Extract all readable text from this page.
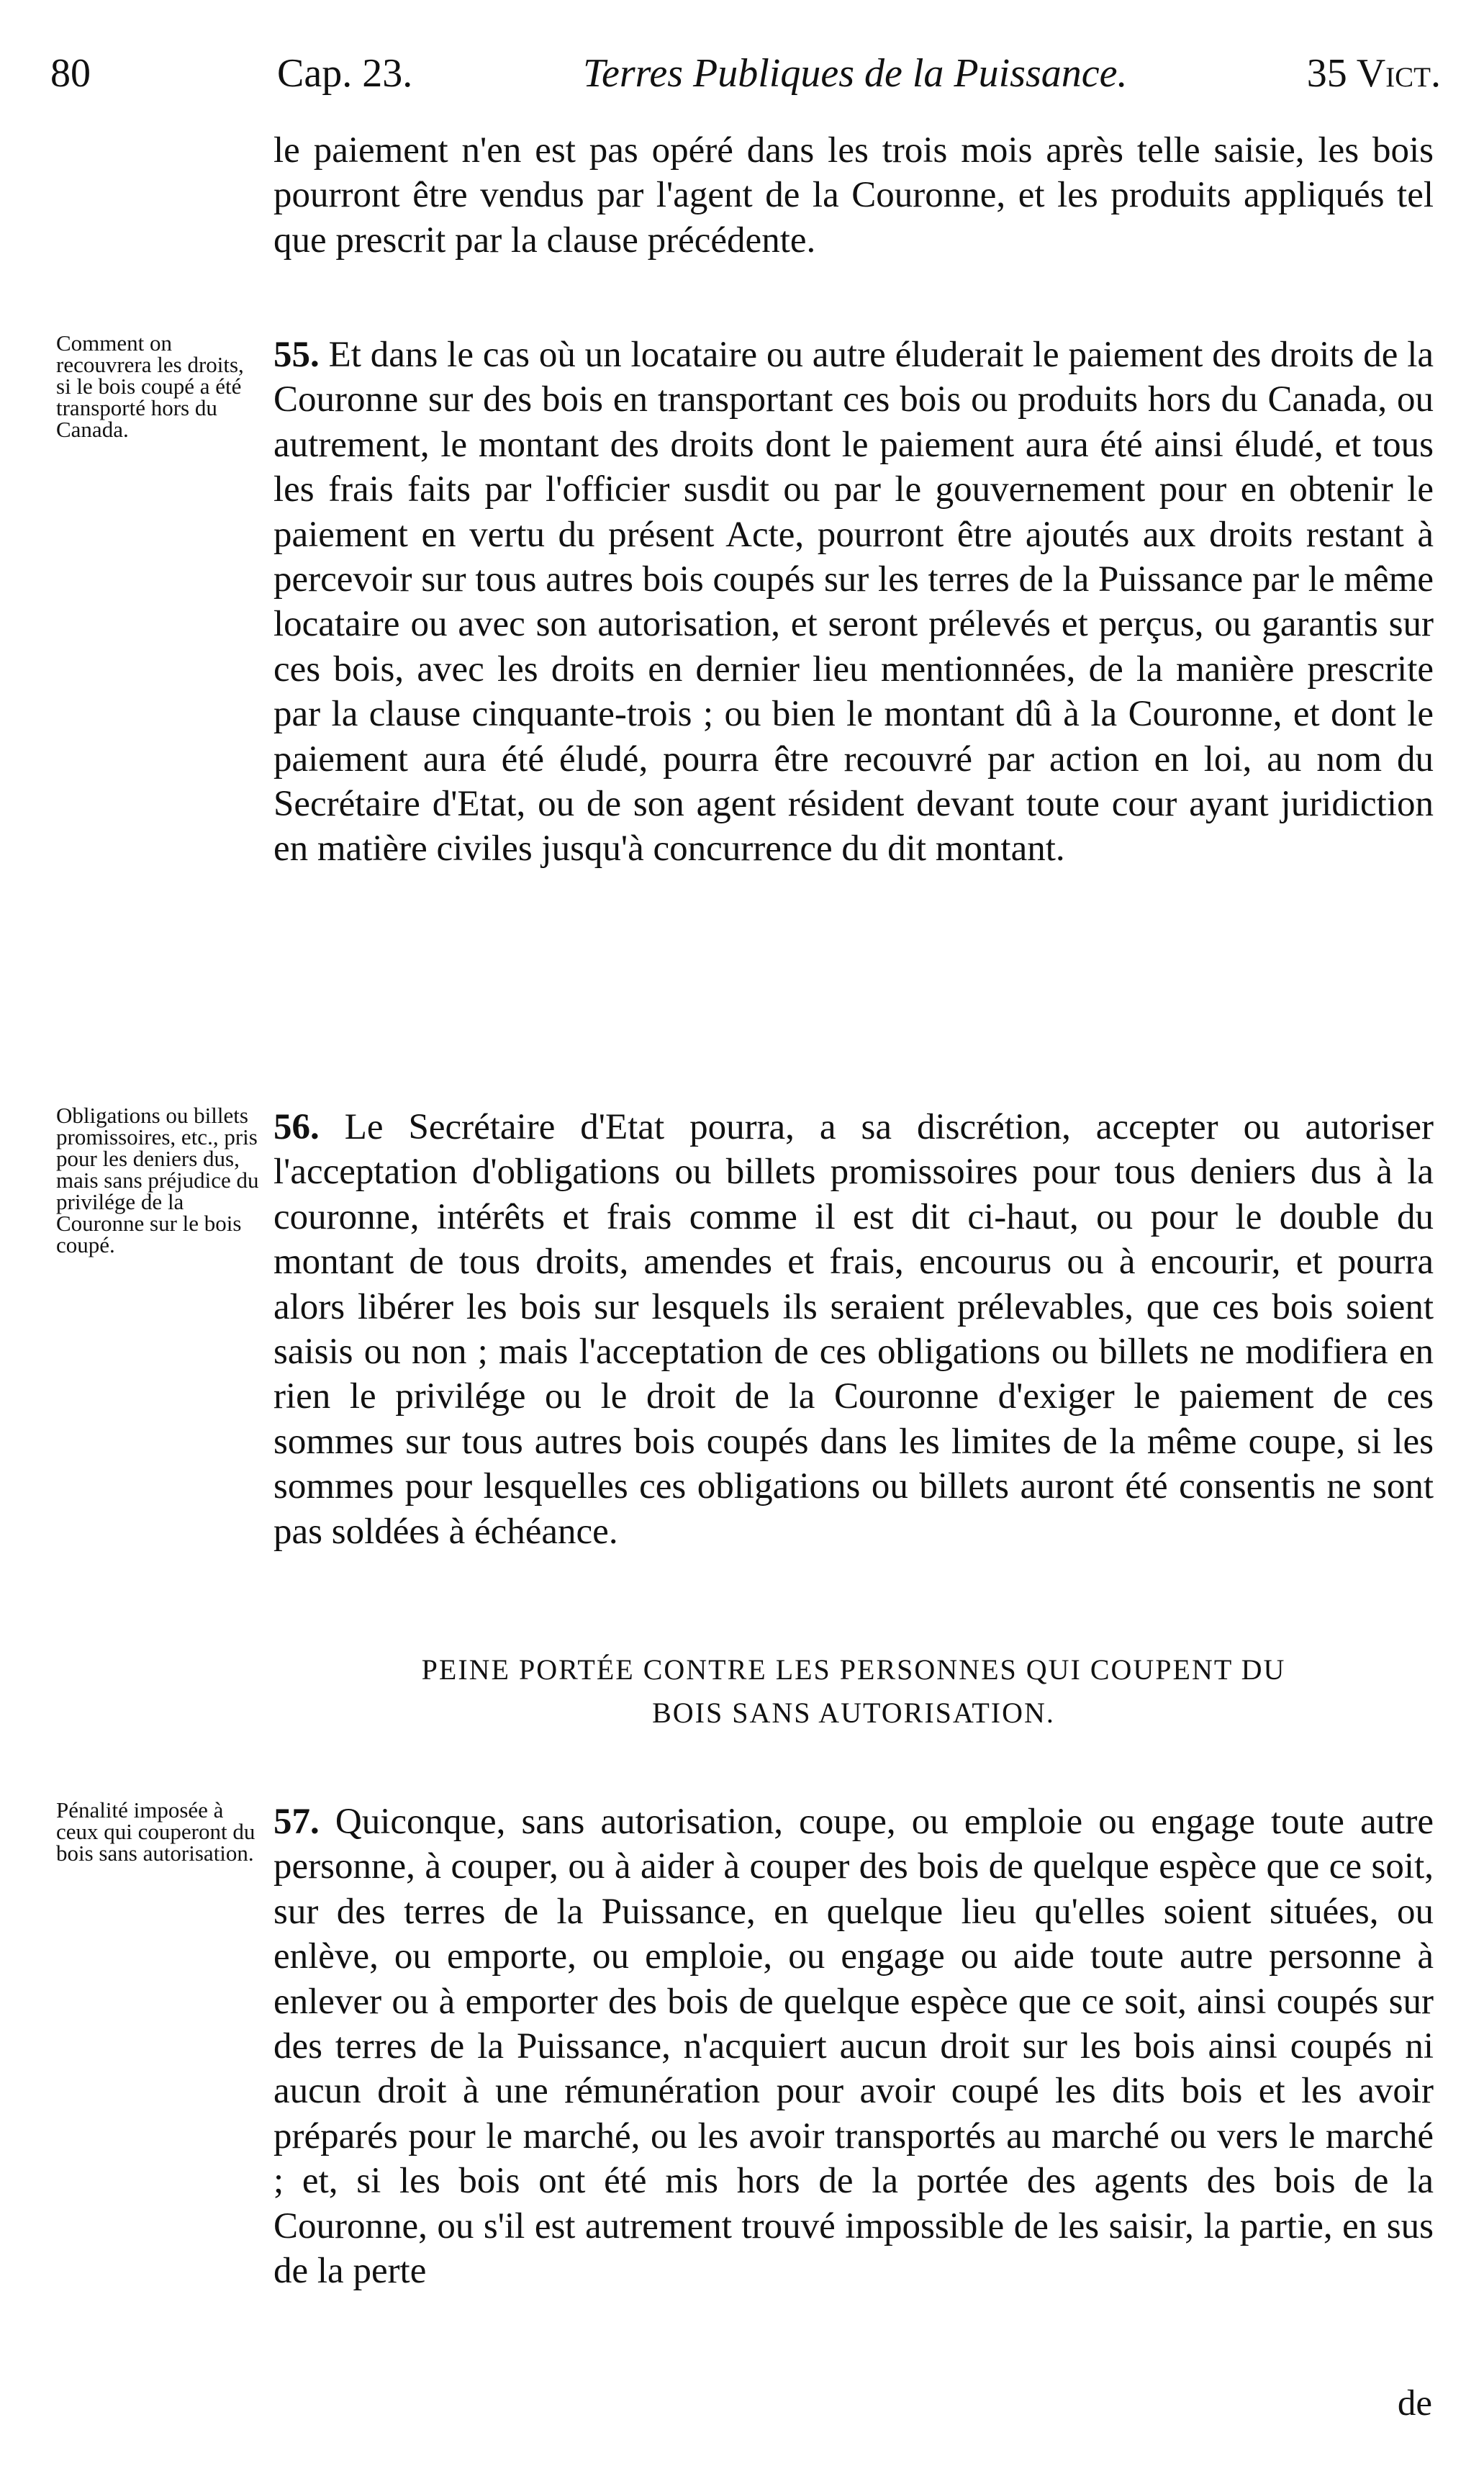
80	Cap. 23.	Terres Publiques de la Puissance.	35 Vict.

le paiement n'en est pas opéré dans les trois mois après telle saisie, les bois pourront être vendus par l'agent de la Couronne, et les produits appliqués tel que prescrit par la clause précédente.

Comment on recouvrera les droits, si le bois coupé a été transporté hors du Canada.

55. Et dans le cas où un locataire ou autre éluderait le paiement des droits de la Couronne sur des bois en transportant ces bois ou produits hors du Canada, ou autrement, le montant des droits dont le paiement aura été ainsi éludé, et tous les frais faits par l'officier susdit ou par le gouvernement pour en obtenir le paiement en vertu du présent Acte, pourront être ajoutés aux droits restant à percevoir sur tous autres bois coupés sur les terres de la Puissance par le même locataire ou avec son autorisation, et seront prélevés et perçus, ou garantis sur ces bois, avec les droits en dernier lieu mentionnées, de la manière prescrite par la clause cinquante-trois ; ou bien le montant dû à la Couronne, et dont le paiement aura été éludé, pourra être recouvré par action en loi, au nom du Secrétaire d'Etat, ou de son agent résident devant toute cour ayant juridiction en matière civiles jusqu'à concurrence du dit montant.

Obligations ou billets promissoires, etc., pris pour les deniers dus, mais sans préjudice du privilége de la Couronne sur le bois coupé.

56. Le Secrétaire d'Etat pourra, a sa discrétion, accepter ou autoriser l'acceptation d'obligations ou billets promissoires pour tous deniers dus à la couronne, intérêts et frais comme il est dit ci-haut, ou pour le double du montant de tous droits, amendes et frais, encourus ou à encourir, et pourra alors libérer les bois sur lesquels ils seraient prélevables, que ces bois soient saisis ou non ; mais l'acceptation de ces obligations ou billets ne modifiera en rien le privilége ou le droit de la Couronne d'exiger le paiement de ces sommes sur tous autres bois coupés dans les limites de la même coupe, si les sommes pour lesquelles ces obligations ou billets auront été consentis ne sont pas soldées à échéance.

PEINE PORTÉE CONTRE LES PERSONNES QUI COUPENT DU
BOIS SANS AUTORISATION.
Pénalité imposée à ceux qui couperont du bois sans autorisation.

57. Quiconque, sans autorisation, coupe, ou emploie ou engage toute autre personne, à couper, ou à aider à couper des bois de quelque espèce que ce soit, sur des terres de la Puissance, en quelque lieu qu'elles soient situées, ou enlève, ou emporte, ou emploie, ou engage ou aide toute autre personne à enlever ou à emporter des bois de quelque espèce que ce soit, ainsi coupés sur des terres de la Puissance, n'acquiert aucun droit sur les bois ainsi coupés ni aucun droit à une rémunération pour avoir coupé les dits bois et les avoir préparés pour le marché, ou les avoir transportés au marché ou vers le marché ; et, si les bois ont été mis hors de la portée des agents des bois de la Couronne, ou s'il est autrement trouvé impossible de les saisir, la partie, en sus de la perte

de
